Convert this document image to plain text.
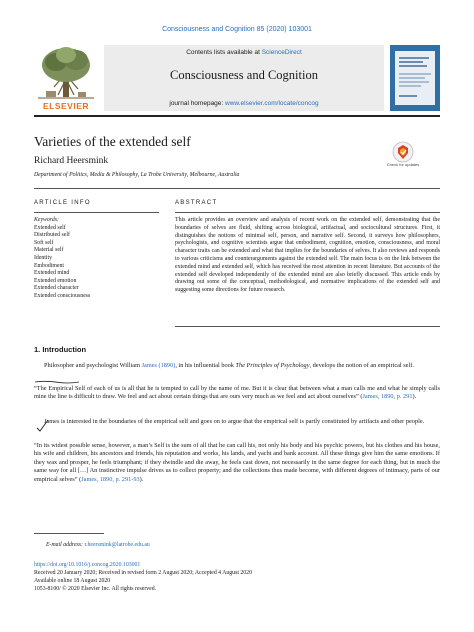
Consciousness and Cognition 85 (2020) 103001
ELSEVIER
Contents lists available at ScienceDirect
Consciousness and Cognition
journal homepage: www.elsevier.com/locate/concog
Varieties of the extended self
Check for updates
Richard Heersmink
Department of Politics, Media & Philosophy, La Trobe University, Melbourne, Australia
ARTICLE INFO	ABSTRACT
Keywords:
Extended self
Distributed self
Soft self
Material self
Identity
Embodiment
Extended mind
Extended emotion
Extended character
Extended consciousness
This article provides an overview and analysis of recent work on the extended self, demonstrating that the boundaries of selves are fluid, shifting across biological, artifactual, and sociocultural structures. First, it distinguishes the notions of minimal self, person, and narrative self. Second, it surveys how philosophers, psychologists, and cognitive scientists argue that embodiment, cognition, emotion, consciousness, and moral character traits can be extended and what that implies for the boundaries of selves. It also reviews and responds to various criticisms and counterarguments against the extended self. The main focus is on the link between the extended mind and extended self, which has received the most attention in recent literature. But accounts of the extended self developed independently of the extended mind are also briefly discussed. This article ends by drawing out some of the conceptual, methodological, and normative implications of the extended self and suggesting some directions for future research.
1. Introduction
Philosopher and psychologist William James (1890), in his influential book The Principles of Psychology, develops the notion of an empirical self.
“The Empirical Self of each of us is all that he is tempted to call by the name of me. But it is clear that between what a man calls me and what he simply calls mine the line is difficult to draw. We feel and act about certain things that are ours very much as we feel and act about ourselves” (James, 1890, p. 291).
James is interested in the boundaries of the empirical self and goes on to argue that the empirical self is partly constituted by artifacts and other people.
“In its widest possible sense, however, a man’s Self is the sum of all that he can call his, not only his body and his psychic powers, but his clothes and his house, his wife and children, his ancestors and friends, his reputation and works, his lands, and yacht and bank account. All these things give him the same emotions. If they wax and prosper, he feels triumphant; if they dwindle and die away, he feels cast down, not necessarily in the same degree for each thing, but in much the same way for all […] An instinctive impulse drives us to collect property; and the collections thus made become, with different degrees of intimacy, parts of our empirical selves” (James, 1890, p. 291-93).
E-mail address: r.heersmink@latrobe.edu.au
https://doi.org/10.1016/j.concog.2020.103001
Received 20 January 2020; Received in revised form 2 August 2020; Accepted 4 August 2020
Available online 18 August 2020
1053-8100/ © 2020 Elsevier Inc. All rights reserved.
